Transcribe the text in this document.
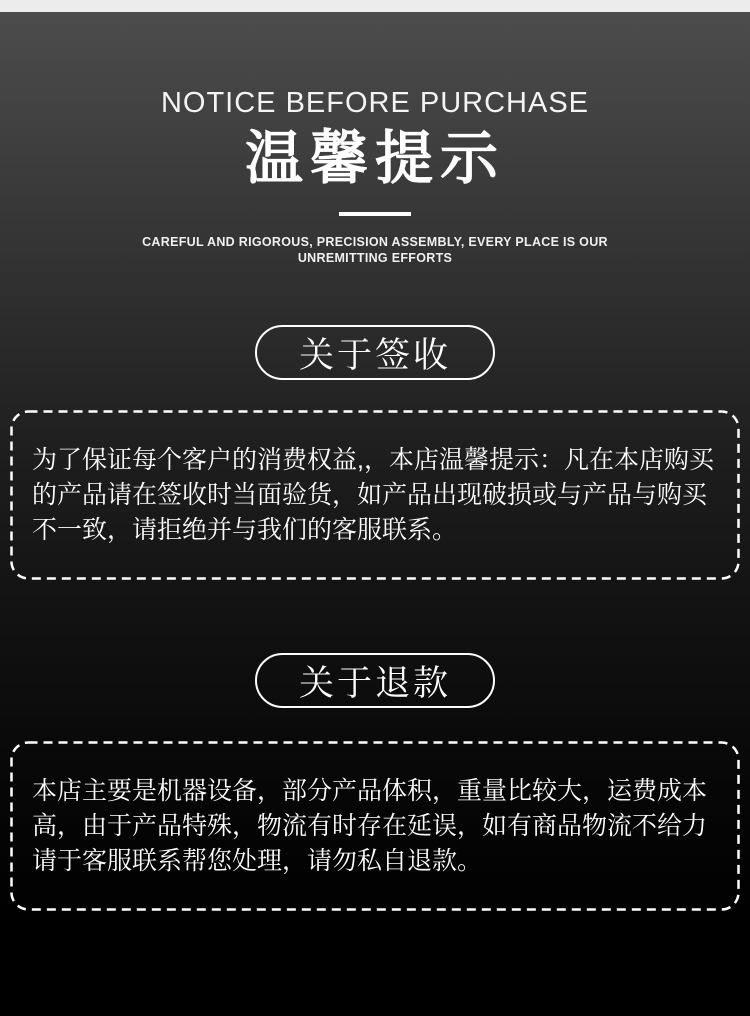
NOTICE BEFORE PURCHASE
温馨提示
CAREFUL AND RIGOROUS, PRECISION ASSEMBLY, EVERY PLACE IS OUR
UNREMITTING EFFORTS
关于签收

为了保证每个客户的消费权益,，本店温馨提示：凡在本店购买的产品请在签收时当面验货，如产品出现破损或与产品与购买不一致，请拒绝并与我们的客服联系。

关于退款

本店主要是机器设备，部分产品体积，重量比较大，运费成本高，由于产品特殊，物流有时存在延误，如有商品物流不给力请于客服联系帮您处理，请勿私自退款。
